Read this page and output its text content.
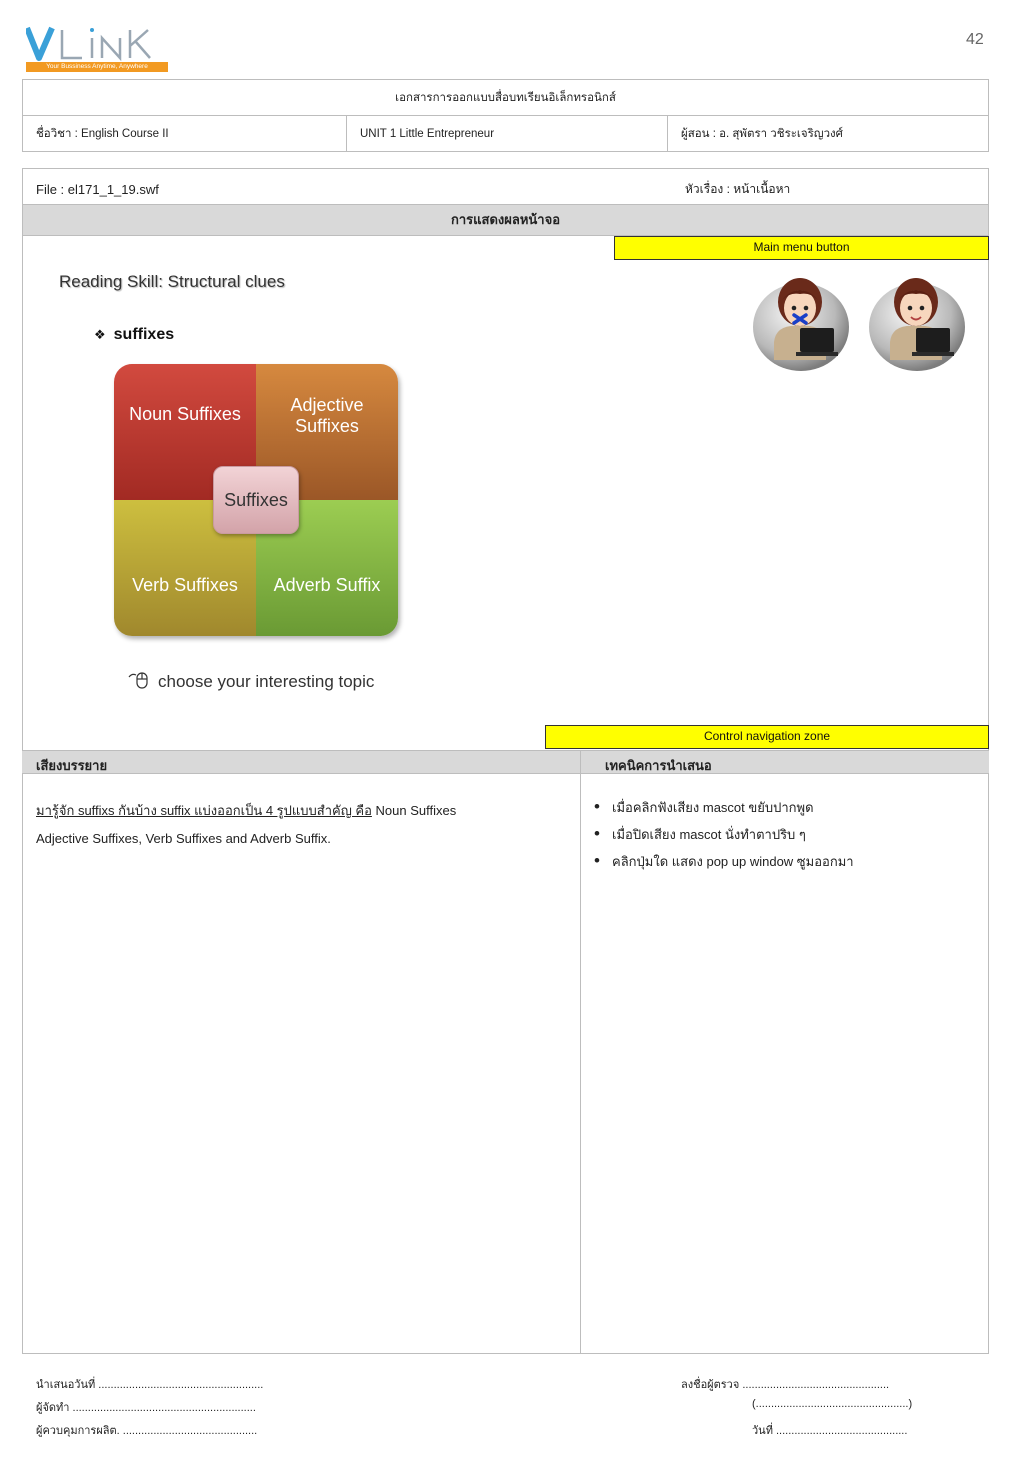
42
Your Bussiness Anytime, Anywhere
เอกสารการออกแบบสื่อบทเรียนอิเล็กทรอนิกส์
ชื่อวิชา : English Course II	UNIT 1 Little Entrepreneur	ผู้สอน : อ. สุพัตรา วชิระเจริญวงศ์
File : el171_1_19.swf	หัวเรื่อง : หน้าเนื้อหา
การแสดงผลหน้าจอ
Main menu button
Reading Skill: Structural clues
❖ suffixes
Noun Suffixes	Adjective Suffixes
Verb Suffixes Adverb Suffix
Suffixes
choose your interesting topic
Control navigation zone
เสียงบรรยาย	เทคนิคการนำเสนอ
มารู้จัก suffixs กันบ้าง suffix แบ่งออกเป็น 4 รูปแบบสำคัญ คือ Noun Suffixes
Adjective Suffixes, Verb Suffixes and Adverb Suffix.
• เมื่อคลิกฟังเสียง mascot ขยับปากพูด
• เมื่อปิดเสียง mascot นั่งทำตาปริบ ๆ
• คลิกปุ่มใด แสดง pop up window ซูมออกมา
นำเสนอวันที่ ......................................................
ผู้จัดทำ ............................................................
ผู้ควบคุมการผลิต. ............................................
ลงชื่อผู้ตรวจ ................................................
(..................................................)
วันที่ ...........................................
